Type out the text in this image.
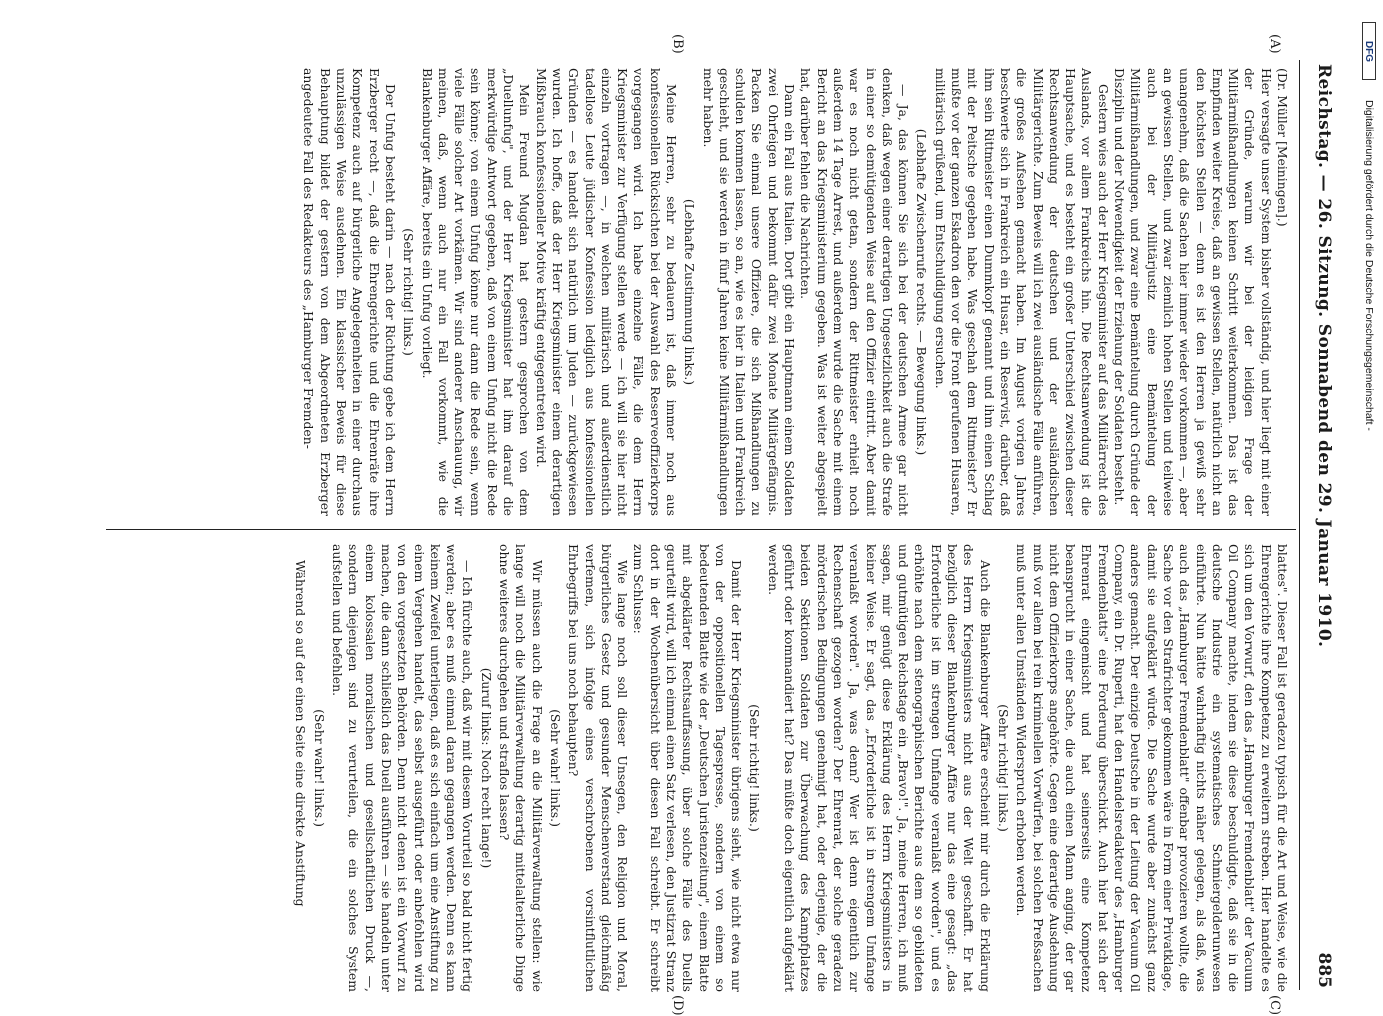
Reichstag. — 26. Sitzung. Sonnabend den 29. Januar 1910.
885
(A)
(B)
(C)
(D)

(Dr. Müller [Meiningen].)

Hier versagte unser System bisher vollständig, und hier liegt mit einer der Gründe, warum wir bei der leidigen Frage der Militärmißhandlungen keinen Schritt weiterkommen. Das ist das Empfinden weiter Kreise, daß an gewissen Stellen, natürlich nicht an den höchsten Stellen — denn es ist den Herren ja gewiß sehr unangenehm, daß die Sachen hier immer wieder vorkommen —, aber an gewissen Stellen, und zwar ziemlich hohen Stellen und teilweise auch bei der Militärjustiz eine Bemäntelung der Militärmißhandlungen, und zwar eine Bemäntelung durch Gründe der Disziplin und der Notwendigkeit der Erziehung der Soldaten besteht.

Gestern wies auch der Herr Kriegsminister auf das Militärrecht des Auslands, vor allem Frankreichs hin. Die Rechtsanwendung ist die Hauptsache, und es besteht ein großer Unterschied zwischen dieser Rechtsanwendung der deutschen und der ausländischen Militärgerichte. Zum Beweis will ich zwei ausländische Fälle anführen, die großes Aufsehen gemacht haben. Im August vorigen Jahres beschwerte sich in Frankreich ein Husar, ein Reservist, darüber, daß ihm sein Rittmeister einen Dummkopf genannt und ihm einen Schlag mit der Peitsche gegeben habe. Was geschah dem Rittmeister? Er mußte vor der ganzen Eskadron den vor die Front gerufenen Husaren, militärisch grüßend, um Entschuldigung ersuchen.

(Lebhafte Zwischenrufe rechts. — Bewegung links.)

— Ja, das können Sie sich bei der deutschen Armee gar nicht denken, daß wegen einer derartigen Ungesetzlichkeit auch die Strafe in einer so demütigenden Weise auf den Offizier eintritt. Aber damit war es noch nicht getan, sondern der Rittmeister erhielt noch außerdem 14 Tage Arrest, und außerdem wurde die Sache mit einem Bericht an das Kriegsministerium gegeben. Was ist weiter abgespielt hat, darüber fehlen die Nachrichten.

Dann ein Fall aus Italien. Dort gibt ein Hauptmann einem Soldaten zwei Ohrfeigen und bekommt dafür zwei Monate Militärgefängnis. Packen Sie einmal unsere Offiziere, die sich Mißhandlungen zu schulden kommen lassen, so an, wie es hier in Italien und Frankreich geschieht, und sie werden in fünf Jahren keine Militärmißhandlungen mehr haben.

(Lebhafte Zustimmung links.)

Meine Herren, sehr zu bedauern ist, daß immer noch aus konfessionellen Rücksichten bei der Auswahl des Reserveoffizierkorps vorgegangen wird. Ich habe einzelne Fälle, die dem Herrn Kriegsminister zur Verfügung stellen werde — ich will sie hier nicht einzeln vortragen —, in welchen militärisch und außerdienstlich tadellose Leute jüdischer Konfession lediglich aus konfessionellen Gründen — es handelt sich natürlich um Juden — zurückgewiesen wurden. Ich hoffe, daß der Herr Kriegsminister einem derartigen Mißbrauch konfessioneller Motive kräftig entgegentreten wird.

Mein Freund Mugdan hat gestern gesprochen von dem „Duellunfug", und der Herr Kriegsminister hat ihm darauf die merkwürdige Antwort gegeben, daß von einem Unfug nicht die Rede sein könne; von einem Unfug könne nur dann die Rede sein, wenn viele Fälle solcher Art vorkämen. Wir sind anderer Anschauung, wir meinen, daß, wenn auch nur ein Fall vorkommt, wie die Blankenburger Affäre, bereits ein Unfug vorliegt.

(Sehr richtig! links.)

Der Unfug besteht darin — nach der Richtung gebe ich dem Herrn Erzberger recht —, daß die Ehrengerichte und die Ehrenräte ihre Kompetenz auch auf bürgerliche Angelegenheiten in einer durchaus unzulässigen Weise ausdehnen. Ein klassischer Beweis für diese Behauptung bildet der gestern von dem Abgeordneten Erzberger angedeutete Fall des Redakteurs des „Hamburger Fremden-

blattes". Dieser Fall ist geradezu typisch für die Art und Weise, wie die Ehrengerichte ihre Kompetenz zu erweitern streben. Hier handelte es sich um den Vorwurf, den das „Hamburger Fremdenblatt" der Vacuum Oil Company machte, indem sie diese beschuldigte, daß sie in die deutsche Industrie ein systematisches Schmiergelderunwesen einführte. Nun hätte wahrhaftig nichts näher gelegen, als daß, was auch das „Hamburger Fremdenblatt" offenbar provozieren wollte, die Sache vor den Strafrichter gekommen wäre in Form einer Privatklage, damit sie aufgeklärt würde. Die Sache wurde aber zunächst ganz anders gemacht. Der einzige Deutsche in der Leitung der Vacuum Oil Company, ein Dr. Ruperti, hat den Handelsredakteur des „Hamburger Fremdenblatts" eine Forderung überschickt. Auch hier hat sich der Ehrenrat eingemischt und hat seinerseits eine Kompetenz beansprucht in einer Sache, die auch einen Mann anging, der gar nicht dem Offizierkorps angehörte. Gegen eine derartige Ausdehnung muß vor allem bei rein kriminellen Vorwürfen, bei solchen Preßsachen muß unter allen Umständen Widerspruch erhoben werden.

(Sehr richtig! links.)

Auch die Blankenburger Affäre erscheint mir durch die Erklärung des Herrn Kriegsministers nicht aus der Welt geschafft. Er hat bezüglich dieser Blankenburger Affäre nur das eine gesagt: „das Erforderliche ist im strengen Umfange veranlaßt worden", und es erhöhte nach dem stenographischen Berichte aus dem so gebildeten und gutmütigen Reichstage ein „Bravo!". Ja, meine Herren, ich muß sagen, mir genügt diese Erklärung des Herrn Kriegsministers in keiner Weise. Er sagt, das „Erforderliche ist in strengem Umfange veranlaßt worden". Ja, was denn? Wer ist denn eigentlich zur Rechenschaft gezogen worden? Der Ehrenrat, der solche geradezu mörderischen Bedingungen genehmigt hat, oder derjenige, der die beiden Sektionen Soldaten zur Überwachung des Kampfplatzes geführt oder kommandiert hat? Das müßte doch eigentlich aufgeklärt werden.

(Sehr richtig! links.)

Damit der Herr Kriegsminister übrigens sieht, wie nicht etwa nur von der oppositionellen Tagespresse, sondern von einem so bedeutenden Blatte wie der „Deutschen Juristenzeitung", einem Blatte mit abgeklärter Rechtsauffassung, über solche Fälle des Duells geurteilt wird, will ich einmal einen Satz verlesen, den Justizrat Stranz dort in der Wochenübersicht über diesen Fall schreibt. Er schreibt zum Schlusse:

Wie lange noch soll dieser Unsegen, den Religion und Moral, bürgerliches Gesetz und gesunder Menschenverstand gleichmäßig verfemen, sich infolge eines verschrobenen vorsintflutlichen Ehrbegriffs bei uns noch behaupten?

(Sehr wahr! links.)

Wir müssen auch die Frage an die Militärverwaltung stellen: wie lange will noch die Militärverwaltung derartig mittelalterliche Dinge ohne weiteres durchgehen und straflos lassen?

(Zuruf links: Noch recht lange!)

— Ich fürchte auch, daß wir mit diesem Vorurteil so bald nicht fertig werden; aber es muß einmal daran gegangen werden. Denn es kann keinem Zweifel unterliegen, daß es sich einfach um eine Anstiftung zu einem Vergehen handelt, das selbst ausgeführt oder anbefohlen wird von den vorgesetzten Behörden. Denn nicht denen ist ein Vorwurf zu machen, die dann schließlich das Duell ausführen — sie handeln unter einem kolossalen moralischen und gesellschaftlichen Druck —, sondern diejenigen sind zu verurteilen, die ein solches System aufstellen und befehlen.

(Sehr wahr! links.)

Während so auf der einen Seite eine direkte Anstiftung

DFG
Digitalisierung gefördert durch die Deutsche Forschungsgemeinschaft -
